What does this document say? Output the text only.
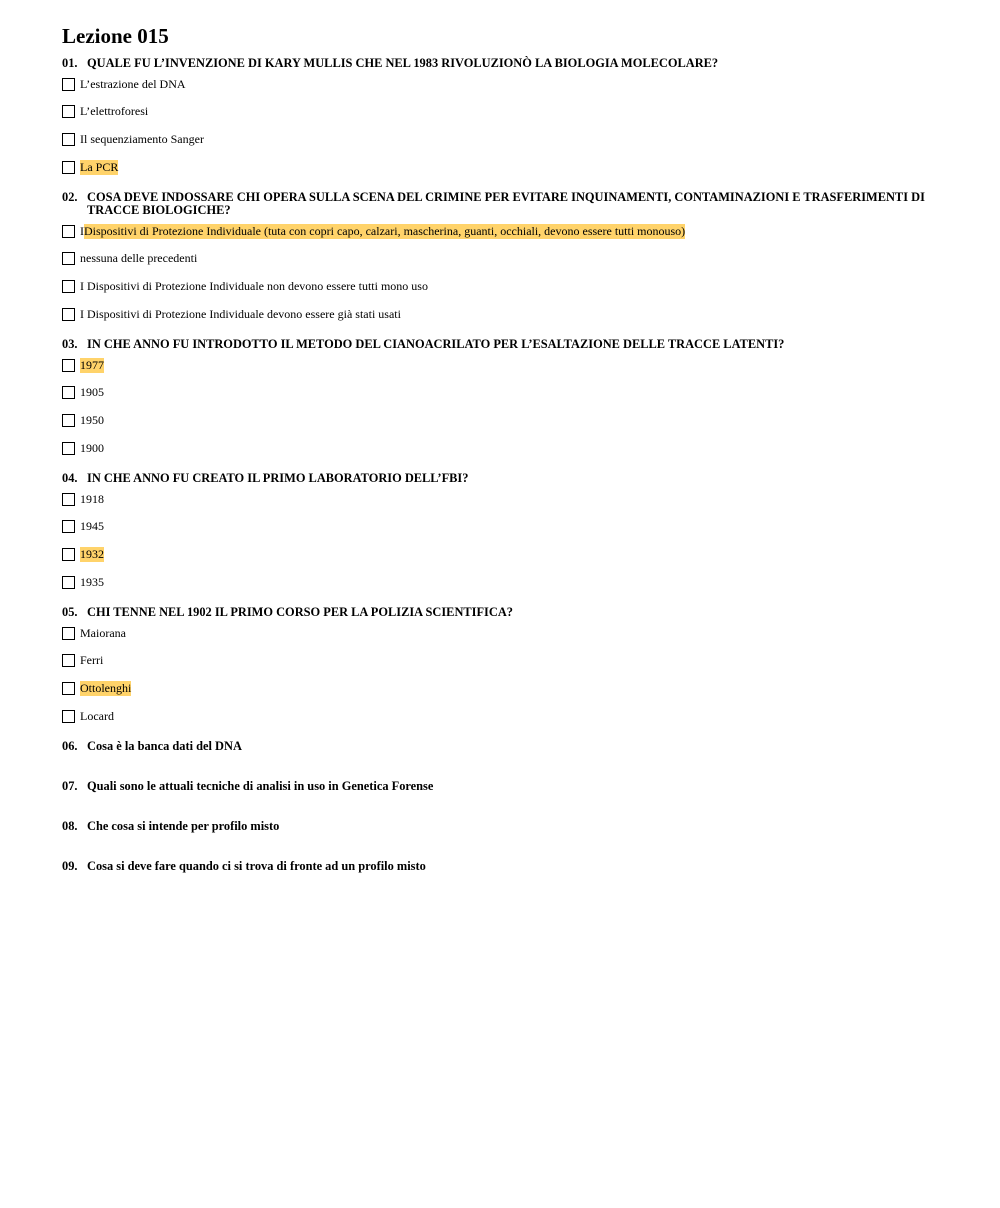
Lezione 015
01. QUALE FU L’INVENZIONE DI KARY MULLIS CHE NEL 1983 RIVOLUZIONÒ LA BIOLOGIA MOLECOLARE?
L’estrazione del DNA
L’elettroforesi
Il sequenziamento Sanger
La PCR
02. COSA DEVE INDOSSARE CHI OPERA SULLA SCENA DEL CRIMINE PER EVITARE INQUINAMENTI, CONTAMINAZIONI E TRASFERIMENTI DI TRACCE BIOLOGICHE?
I Dispositivi di Protezione Individuale (tuta con copri capo, calzari, mascherina, guanti, occhiali, devono essere tutti monouso)
nessuna delle precedenti
I Dispositivi di Protezione Individuale non devono essere tutti mono uso
I Dispositivi di Protezione Individuale devono essere già stati usati
03. IN CHE ANNO FU INTRODOTTO IL METODO DEL CIANOACRILATO PER L’ESALTAZIONE DELLE TRACCE LATENTI?
1977
1905
1950
1900
04. IN CHE ANNO FU CREATO IL PRIMO LABORATORIO DELL’FBI?
1918
1945
1932
1935
05. CHI TENNE NEL 1902 IL PRIMO CORSO PER LA POLIZIA SCIENTIFICA?
Maiorana
Ferri
Ottolenghi
Locard
06. Cosa è la banca dati del DNA
07. Quali sono le attuali tecniche di analisi in uso in Genetica Forense
08. Che cosa si intende per profilo misto
09. Cosa si deve fare quando ci si trova di fronte ad un profilo misto
